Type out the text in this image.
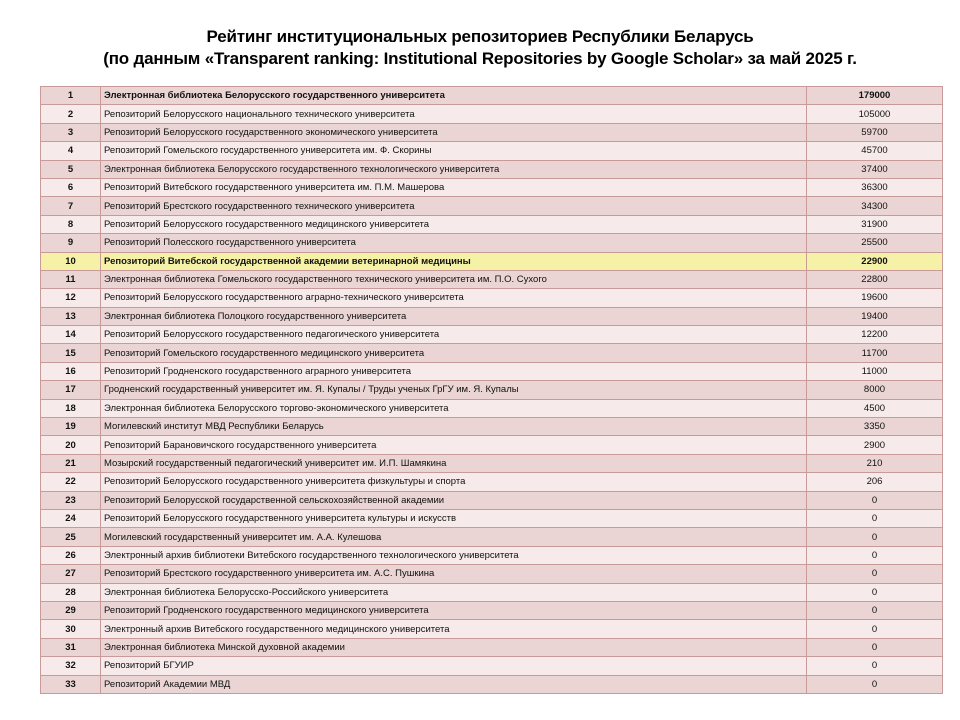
Рейтинг институциональных репозиториев Республики Беларусь
(по данным «Transparent ranking: Institutional Repositories by Google Scholar» за май 2025 г.
1	Электронная библиотека Белорусского государственного университета	179000
2	Репозиторий Белорусского национального технического университета	105000
3	Репозиторий Белорусского государственного экономического университета	59700
4	Репозиторий Гомельского государственного университета им. Ф. Скорины	45700
5	Электронная библиотека Белорусского государственного технологического университета	37400
6	Репозиторий Витебского государственного университета им. П.М. Машерова	36300
7	Репозиторий Брестского государственного технического университета	34300
8	Репозиторий Белорусского государственного медицинского университета	31900
9	Репозиторий Полесского государственного университета	25500
10	Репозиторий Витебской государственной академии ветеринарной медицины	22900
11	Электронная библиотека Гомельского государственного технического университета им. П.О. Сухого	22800
12	Репозиторий Белорусского государственного аграрно-технического университета	19600
13	Электронная библиотека Полоцкого государственного университета	19400
14	Репозиторий Белорусского государственного педагогического университета	12200
15	Репозиторий Гомельского государственного медицинского университета	11700
16	Репозиторий Гродненского государственного аграрного университета	11000
17	Гродненский государственный университет им. Я. Купалы / Труды ученых ГрГУ им. Я. Купалы	8000
18	Электронная библиотека Белорусского торгово-экономического университета	4500
19	Могилевский институт МВД Республики Беларусь	3350
20	Репозиторий Барановичского государственного университета	2900
21	Мозырский государственный педагогический университет им. И.П. Шамякина	210
22	Репозиторий Белорусского государственного университета физкультуры и спорта	206
23	Репозиторий Белорусской государственной сельскохозяйственной академии	0
24	Репозиторий Белорусского государственного университета культуры и искусств	0
25	Могилевский государственный университет им. А.А. Кулешова	0
26	Электронный архив библиотеки Витебского государственного технологического университета	0
27	Репозиторий Брестского государственного университета им. А.С. Пушкина	0
28	Электронная библиотека Белорусско-Российского университета	0
29	Репозиторий Гродненского государственного медицинского университета	0
30	Электронный архив Витебского государственного медицинского университета	0
31	Электронная библиотека Минской духовной академии	0
32	Репозиторий БГУИР	0
33	Репозиторий Академии МВД	0
